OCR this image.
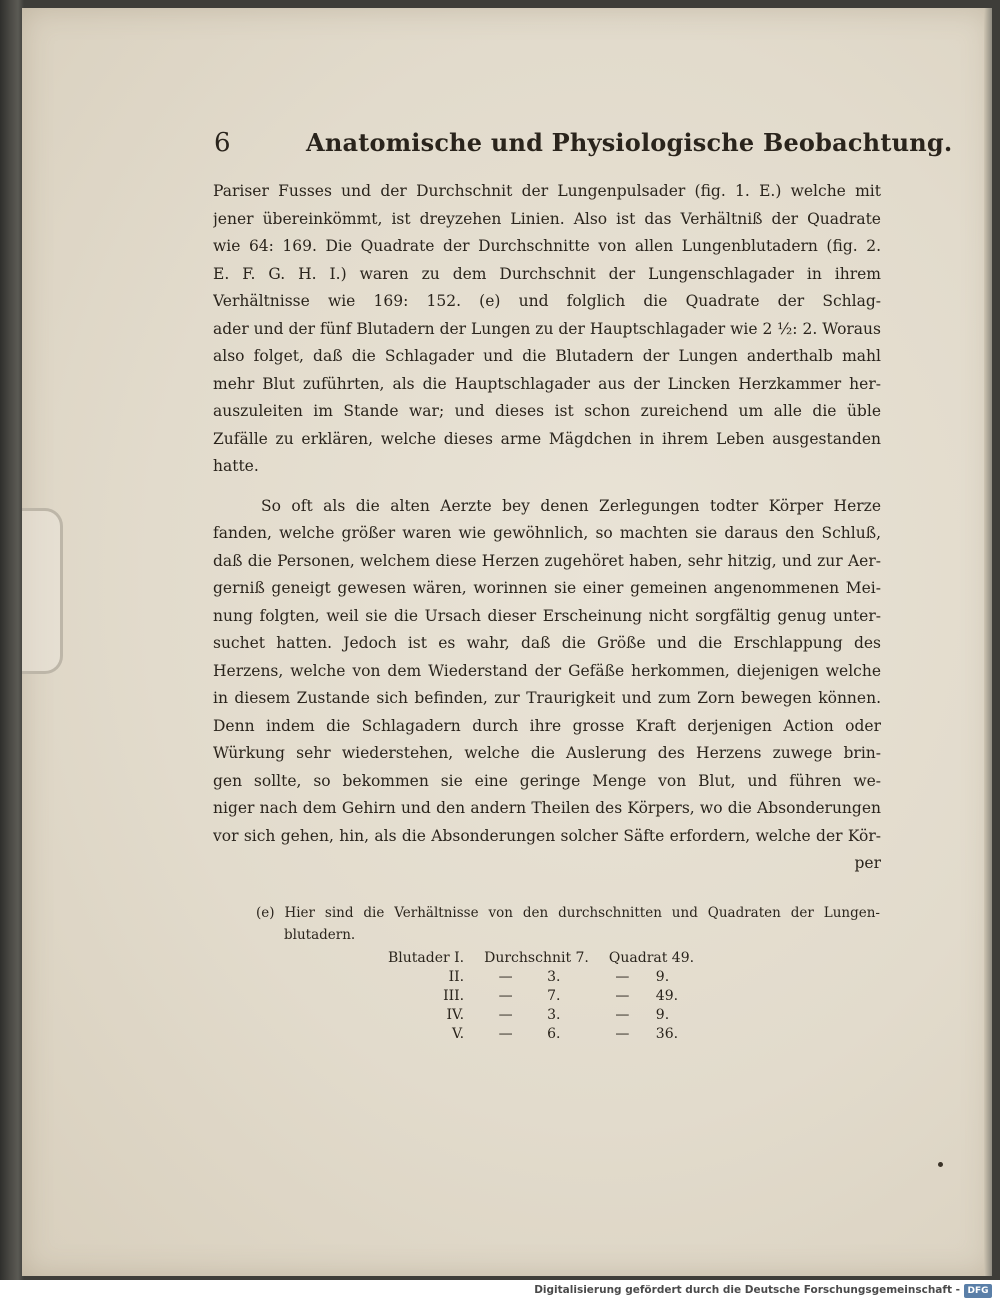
6	Anatomische und Physiologische Beobachtung.
Pariser Fusses und der Durchschnit der Lungenpulsader (fig. 1. E.) welche mit
jener übereinkömmt, ist dreyzehen Linien. Also ist das Verhältniß der Quadrate
wie 64: 169. Die Quadrate der Durchschnitte von allen Lungenblutadern (fig. 2.
E. F. G. H. I.) waren zu dem Durchschnit der Lungenschlagader in ihrem
Verhältnisse wie 169: 152. (e) und folglich die Quadrate der Schlag-
ader und der fünf Blutadern der Lungen zu der Hauptschlagader wie 2 ½: 2. Woraus
also folget, daß die Schlagader und die Blutadern der Lungen anderthalb mahl
mehr Blut zuführten, als die Hauptschlagader aus der Lincken Herzkammer her-
auszuleiten im Stande war; und dieses ist schon zureichend um alle die üble
Zufälle zu erklären, welche dieses arme Mägdchen in ihrem Leben ausgestanden
hatte.
So oft als die alten Aerzte bey denen Zerlegungen todter Körper Herze
fanden, welche größer waren wie gewöhnlich, so machten sie daraus den Schluß,
daß die Personen, welchem diese Herzen zugehöret haben, sehr hitzig, und zur Aer-
gerniß geneigt gewesen wären, worinnen sie einer gemeinen angenommenen Mei-
nung folgten, weil sie die Ursach dieser Erscheinung nicht sorgfältig genug unter-
suchet hatten. Jedoch ist es wahr, daß die Größe und die Erschlappung des
Herzens, welche von dem Wiederstand der Gefäße herkommen, diejenigen welche
in diesem Zustande sich befinden, zur Traurigkeit und zum Zorn bewegen können.
Denn indem die Schlagadern durch ihre grosse Kraft derjenigen Action oder
Würkung sehr wiederstehen, welche die Auslerung des Herzens zuwege brin-
gen sollte, so bekommen sie eine geringe Menge von Blut, und führen we-
niger nach dem Gehirn und den andern Theilen des Körpers, wo die Absonderungen
vor sich gehen, hin, als die Absonderungen solcher Säfte erfordern, welche der Kör-
per
(e) Hier sind die Verhältnisse von den durchschnitten und Quadraten der Lungen-
blutadern.
Blutader I.	Durchschnit 7.		Quadrat 49.	
II.	—	3.	—	9.
III.	—	7.	—	49.
IV.	—	3.	—	9.
V.	—	6.	—	36.
Digitalisierung gefördert durch die Deutsche Forschungsgemeinschaft - DFG
